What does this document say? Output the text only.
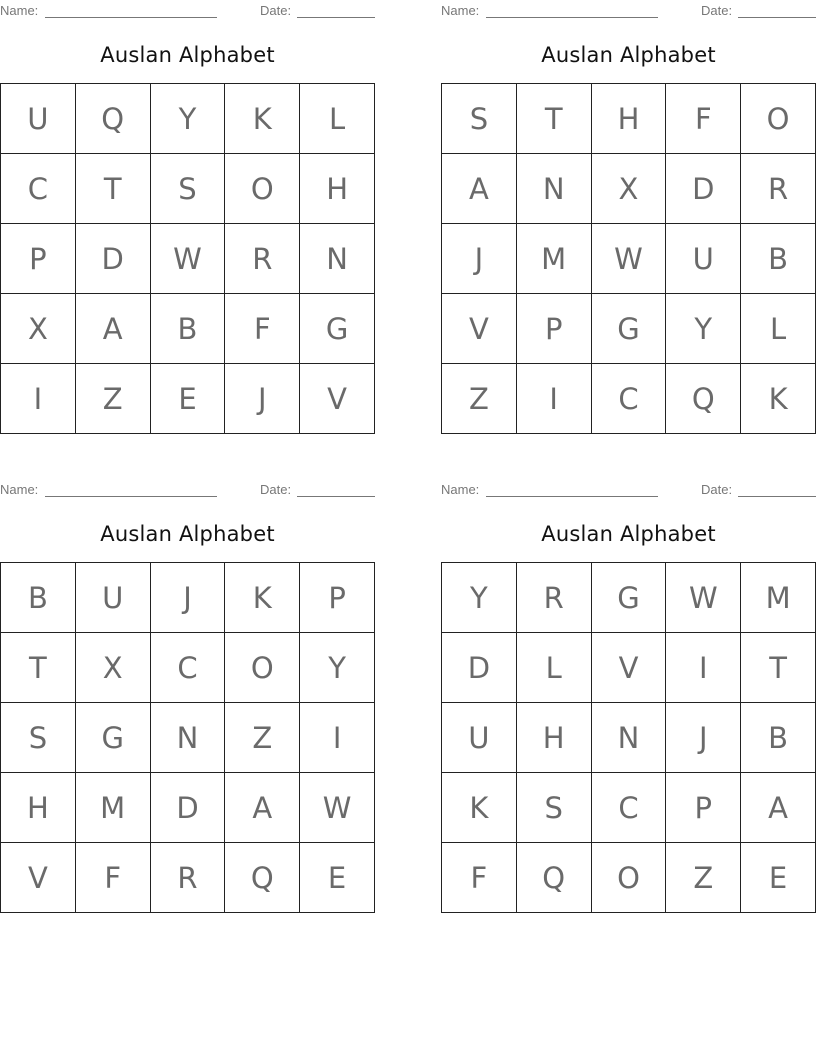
Name:	Date:
Auslan Alphabet
U	Q	Y	K	L
C	T	S	O	H
P	D	W	R	N
X	A	B	F	G
I	Z	E	J	V
Name:	Date:
Auslan Alphabet
S	T	H	F	O
A	N	X	D	R
J	M	W	U	B
V	P	G	Y	L
Z	I	C	Q	K
Name:	Date:
Auslan Alphabet
B	U	J	K	P
T	X	C	O	Y
S	G	N	Z	I
H	M	D	A	W
V	F	R	Q	E
Name:	Date:
Auslan Alphabet
Y	R	G	W	M
D	L	V	I	T
U	H	N	J	B
K	S	C	P	A
F	Q	O	Z	E
